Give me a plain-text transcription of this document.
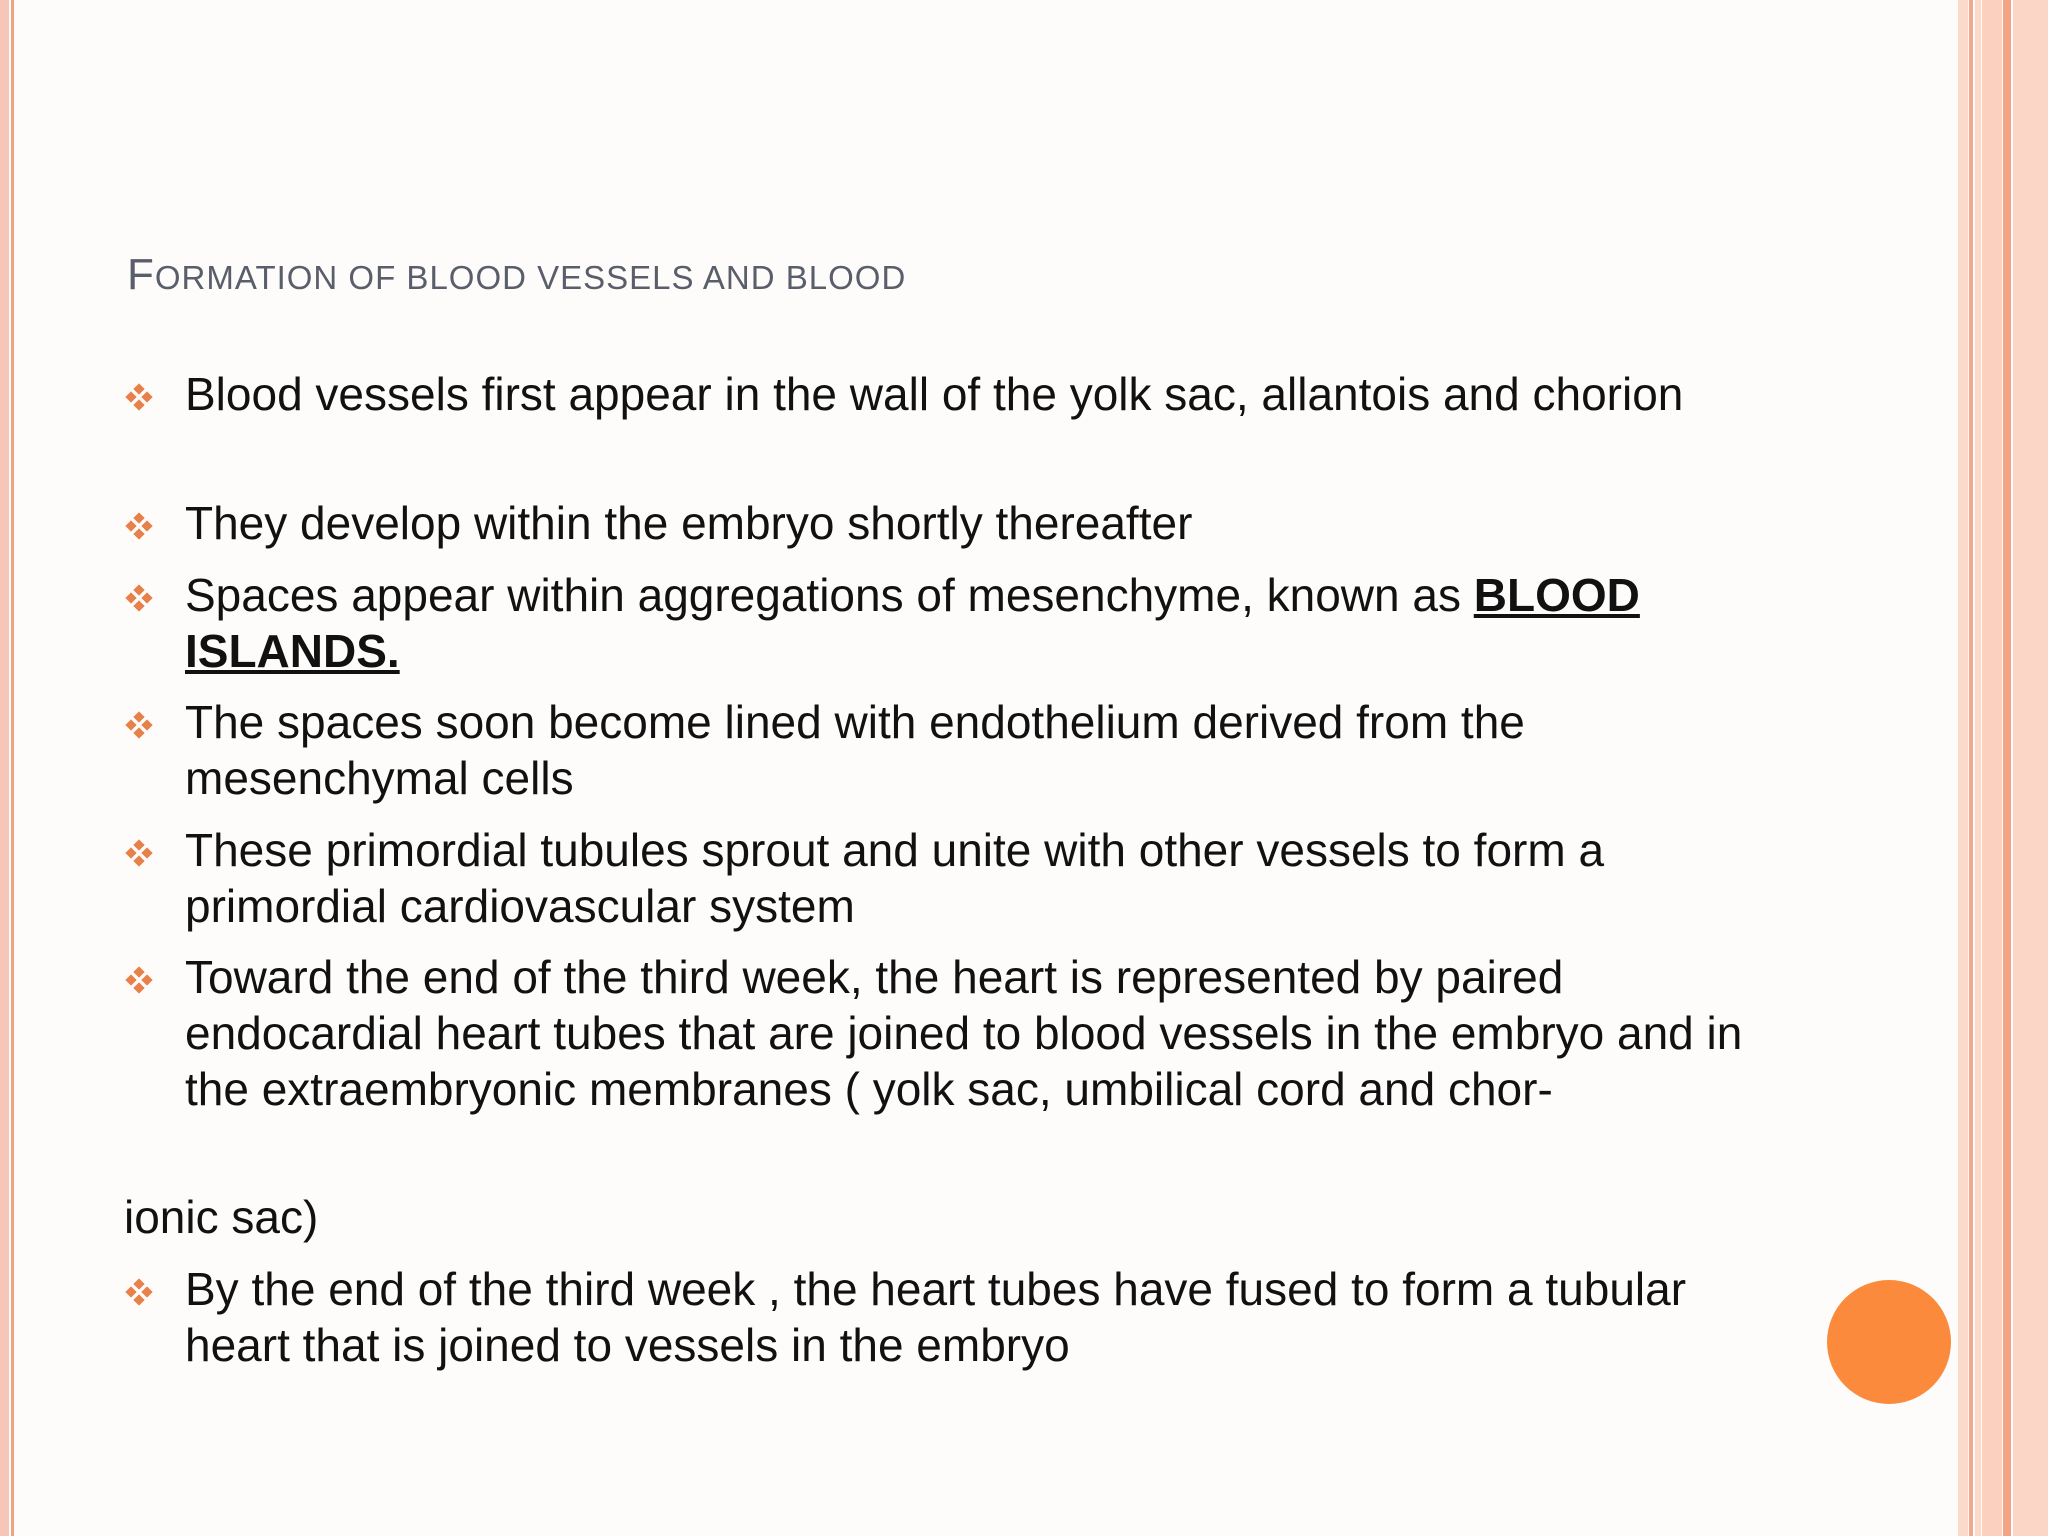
FORMATION OF BLOOD VESSELS AND BLOOD
Blood vessels first appear in the wall of the yolk sac, allantois and chorion
They develop within the embryo shortly thereafter
Spaces appear within aggregations of mesenchyme, known as BLOOD ISLANDS.
The spaces soon become lined with endothelium derived from the mesenchymal cells
These primordial tubules sprout and unite with other vessels to form a primordial cardiovascular system
Toward the end of the third week, the heart is represented by paired endocardial heart tubes that are joined to blood vessels in the embryo and in the extraembryonic membranes ( yolk sac, umbilical cord and chor-
ionic sac)
By the end of the third week , the heart tubes have fused to form a tubular heart that is joined to vessels in the embryo
